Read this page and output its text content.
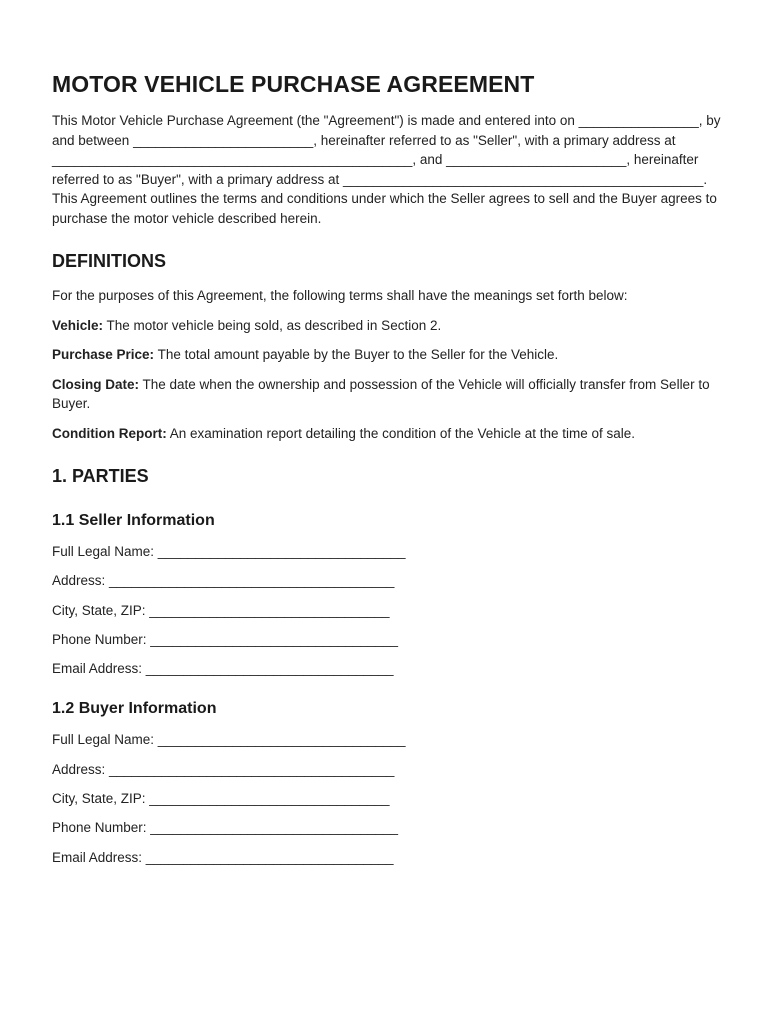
MOTOR VEHICLE PURCHASE AGREEMENT

This Motor Vehicle Purchase Agreement (the "Agreement") is made and entered into on ________________, by and between ________________________, hereinafter referred to as "Seller", with a primary address at ________________________________________________, and ________________________, hereinafter referred to as "Buyer", with a primary address at ________________________________________________. This Agreement outlines the terms and conditions under which the Seller agrees to sell and the Buyer agrees to purchase the motor vehicle described herein.

DEFINITIONS

For the purposes of this Agreement, the following terms shall have the meanings set forth below:

Vehicle: The motor vehicle being sold, as described in Section 2.

Purchase Price: The total amount payable by the Buyer to the Seller for the Vehicle.

Closing Date: The date when the ownership and possession of the Vehicle will officially transfer from Seller to Buyer.

Condition Report: An examination report detailing the condition of the Vehicle at the time of sale.

1. PARTIES
1.1 Seller Information
Full Legal Name: _________________________________
Address: ______________________________________
City, State, ZIP: ________________________________
Phone Number: _________________________________
Email Address: _________________________________
1.2 Buyer Information
Full Legal Name: _________________________________
Address: ______________________________________
City, State, ZIP: ________________________________
Phone Number: _________________________________
Email Address: _________________________________
